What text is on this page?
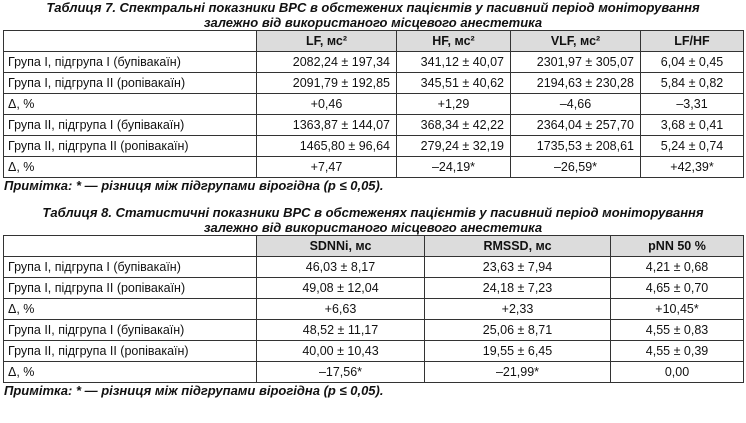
Таблиця 7. Спектральні показники ВРС в обстежених пацієнтів у пасивний період моніторування
залежно від використаного місцевого анестетика
	LF, мс²	HF, мс²	VLF, мс²	LF/HF
Група I, підгрупа I (бупівакаїн)	2082,24 ± 197,34	341,12 ± 40,07	2301,97 ± 305,07	6,04 ± 0,45
Група I, підгрупа II (ропівакаїн)	2091,79 ± 192,85	345,51 ± 40,62	2194,63 ± 230,28	5,84 ± 0,82
Δ, %	+0,46	+1,29	–4,66	–3,31
Група II, підгрупа I (бупівакаїн)	1363,87 ± 144,07	368,34 ± 42,22	2364,04 ± 257,70	3,68 ± 0,41
Група II, підгрупа II (ропівакаїн)	1465,80 ± 96,64	279,24 ± 32,19	1735,53 ± 208,61	5,24 ± 0,74
Δ, %	+7,47	–24,19*	–26,59*	+42,39*
Примітка: * — різниця між підгрупами вірогідна (p ≤ 0,05).
Таблиця 8. Статистичні показники ВРС в обстеженях пацієнтів у пасивний період моніторування
залежно від використаного місцевого анестетика
	SDNNi, мс	RMSSD, мс	pNN 50 %
Група I, підгрупа I (бупівакаїн)	46,03 ± 8,17	23,63 ± 7,94	4,21 ± 0,68
Група I, підгрупа II (ропівакаїн)	49,08 ± 12,04	24,18 ± 7,23	4,65 ± 0,70
Δ, %	+6,63	+2,33	+10,45*
Група II, підгрупа I (бупівакаїн)	48,52 ± 11,17	25,06 ± 8,71	4,55 ± 0,83
Група II, підгрупа II (ропівакаїн)	40,00 ± 10,43	19,55 ± 6,45	4,55 ± 0,39
Δ, %	–17,56*	–21,99*	0,00
Примітка: * — різниця між підгрупами вірогідна (p ≤ 0,05).
